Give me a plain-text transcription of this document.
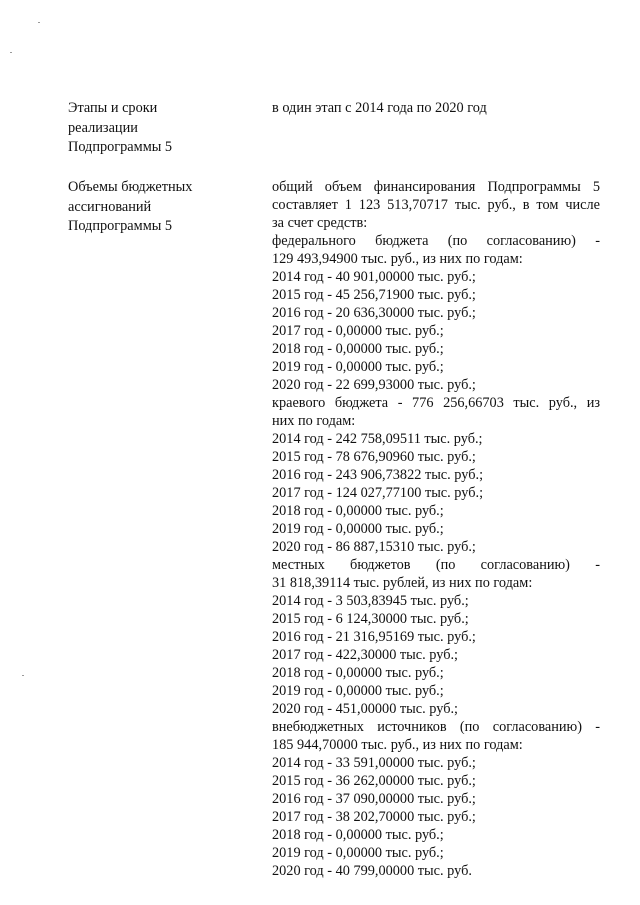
Этапы и сроки
реализации
Подпрограммы 5
в один этап с 2014 года по 2020 год
Объемы бюджетных
ассигнований
Подпрограммы 5
общий объем финансирования Подпрограммы 5
составляет 1 123 513,70717 тыс. руб., в том числе
за счет средств:
федерального бюджета (по согласованию) -
129 493,94900 тыс. руб., из них по годам:
2014 год - 40 901,00000 тыс. руб.;
2015 год - 45 256,71900 тыс. руб.;
2016 год - 20 636,30000 тыс. руб.;
2017 год - 0,00000 тыс. руб.;
2018 год - 0,00000 тыс. руб.;
2019 год - 0,00000 тыс. руб.;
2020 год - 22 699,93000 тыс. руб.;
краевого бюджета - 776 256,66703 тыс. руб., из
них по годам:
2014 год - 242 758,09511 тыс. руб.;
2015 год - 78 676,90960 тыс. руб.;
2016 год - 243 906,73822 тыс. руб.;
2017 год - 124 027,77100 тыс. руб.;
2018 год - 0,00000 тыс. руб.;
2019 год - 0,00000 тыс. руб.;
2020 год - 86 887,15310 тыс. руб.;
местных бюджетов (по согласованию) -
31 818,39114 тыс. рублей, из них по годам:
2014 год - 3 503,83945 тыс. руб.;
2015 год - 6 124,30000 тыс. руб.;
2016 год - 21 316,95169 тыс. руб.;
2017 год - 422,30000 тыс. руб.;
2018 год - 0,00000 тыс. руб.;
2019 год - 0,00000 тыс. руб.;
2020 год - 451,00000 тыс. руб.;
внебюджетных источников (по согласованию) -
185 944,70000 тыс. руб., из них по годам:
2014 год - 33 591,00000 тыс. руб.;
2015 год - 36 262,00000 тыс. руб.;
2016 год - 37 090,00000 тыс. руб.;
2017 год - 38 202,70000 тыс. руб.;
2018 год - 0,00000 тыс. руб.;
2019 год - 0,00000 тыс. руб.;
2020 год - 40 799,00000 тыс. руб.
